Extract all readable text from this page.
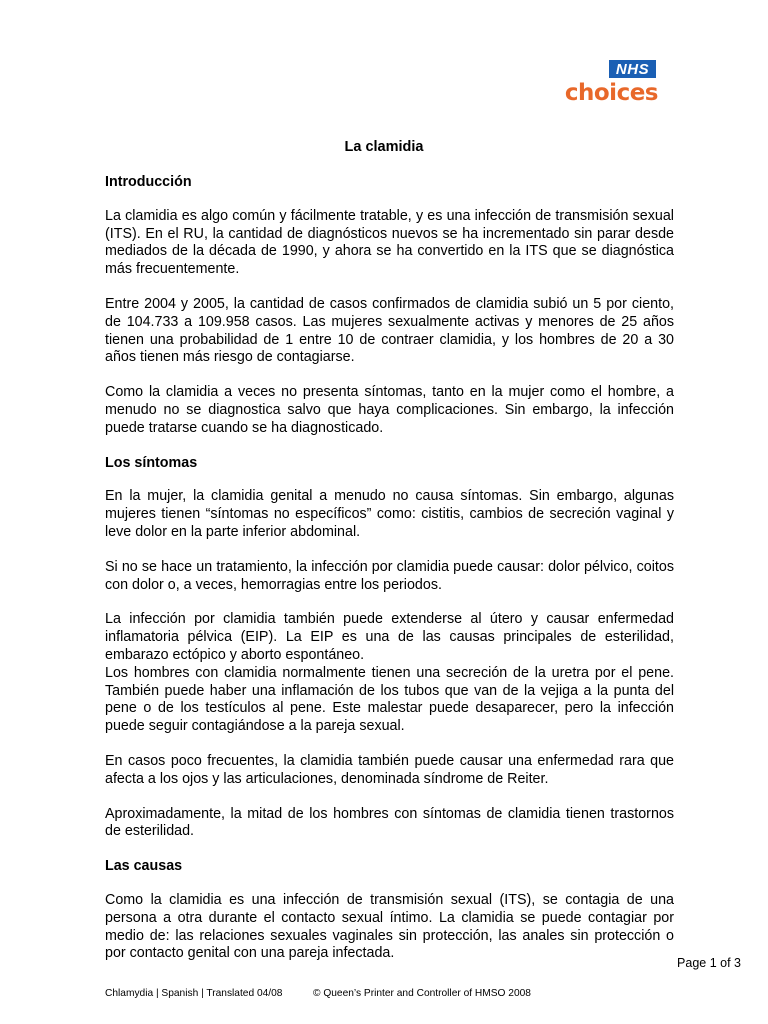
NHS
choices
La clamidia
Introducción

La clamidia es algo común y fácilmente tratable, y es una infección de transmisión sexual (ITS). En el RU, la cantidad de diagnósticos nuevos se ha incrementado sin parar desde mediados de la década de 1990, y ahora se ha convertido en la ITS que se diagnóstica más frecuentemente.

Entre 2004 y 2005, la cantidad de casos confirmados de clamidia subió un 5 por ciento, de 104.733 a 109.958 casos. Las mujeres sexualmente activas y menores de 25 años tienen una probabilidad de 1 entre 10 de contraer clamidia, y los hombres de 20 a 30 años tienen más riesgo de contagiarse.

Como la clamidia a veces no presenta síntomas, tanto en la mujer como el hombre, a menudo no se diagnostica salvo que haya complicaciones. Sin embargo, la infección puede tratarse cuando se ha diagnosticado.

Los síntomas

En la mujer, la clamidia genital a menudo no causa síntomas. Sin embargo, algunas mujeres tienen “síntomas no específicos” como: cistitis, cambios de secreción vaginal y leve dolor en la parte inferior abdominal.

Si no se hace un tratamiento, la infección por clamidia puede causar: dolor pélvico, coitos con dolor o, a veces, hemorragias entre los periodos.

La infección por clamidia también puede extenderse al útero y causar enfermedad inflamatoria pélvica (EIP). La EIP es una de las causas principales de esterilidad, embarazo ectópico y aborto espontáneo.

Los hombres con clamidia normalmente tienen una secreción de la uretra por el pene. También puede haber una inflamación de los tubos que van de la vejiga a la punta del pene o de los testículos al pene. Este malestar puede desaparecer, pero la infección puede seguir contagiándose a la pareja sexual.

En casos poco frecuentes, la clamidia también puede causar una enfermedad rara que afecta a los ojos y las articulaciones, denominada síndrome de Reiter.

Aproximadamente, la mitad de los hombres con síntomas de clamidia tienen trastornos de esterilidad.

Las causas

Como la clamidia es una infección de transmisión sexual (ITS), se contagia de una persona a otra durante el contacto sexual íntimo. La clamidia se puede contagiar por medio de: las relaciones sexuales vaginales sin protección, las anales sin protección o por contacto genital con una pareja infectada.

Page 1 of 3

Chlamydia | Spanish | Translated 04/08	© Queen’s Printer and Controller of HMSO 2008
